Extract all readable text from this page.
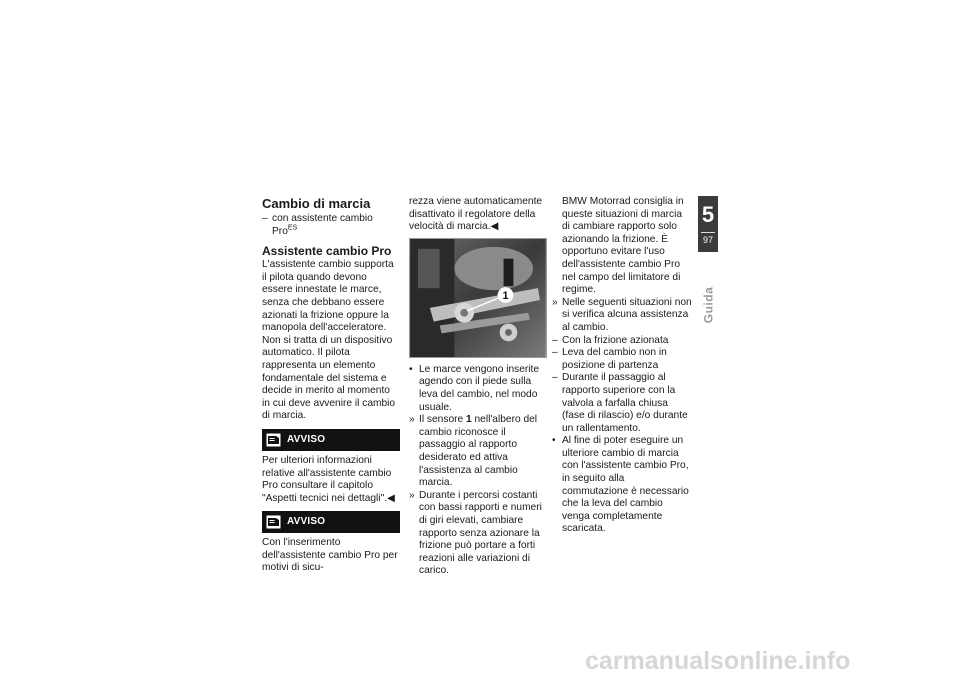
Cambio di marcia
– con assistente cambio Pro$^{ES}$
Assistente cambio Pro

L'assistente cambio supporta il pilota quando devono essere innestate le marce, senza che debbano essere azionati la frizione oppure la manopola dell'acceleratore. Non si tratta di un dispositivo automatico. Il pilota rappresenta un elemento fondamentale del sistema e decide in merito al momento in cui deve avvenire il cambio di marcia.

AVVISO

Per ulteriori informazioni relative all'assistente cambio Pro consultare il capitolo "Aspetti tecnici nei dettagli".◀

AVVISO

Con l'inserimento dell'assistente cambio Pro per motivi di sicu-

rezza viene automaticamente disattivato il regolatore della velocità di marcia.◀

1
• Le marce vengono inserite agendo con il piede sulla leva del cambio, nel modo usuale.
» Il sensore 1 nell'albero del cambio riconosce il passaggio al rapporto desiderato ed attiva l'assistenza al cambio marcia.
» Durante i percorsi costanti con bassi rapporti e numeri di giri elevati, cambiare rapporto senza azionare la frizione può portare a forti reazioni alle variazioni di carico.

BMW Motorrad consiglia in queste situazioni di marcia di cambiare rapporto solo azionando la frizione. È opportuno evitare l'uso dell'assistente cambio Pro nel campo del limitatore di regime.

» Nelle seguenti situazioni non si verifica alcuna assistenza al cambio.
– Con la frizione azionata
– Leva del cambio non in posizione di partenza
– Durante il passaggio al rapporto superiore con la valvola a farfalla chiusa (fase di rilascio) e/o durante un rallentamento.
• Al fine di poter eseguire un ulteriore cambio di marcia con l'assistente cambio Pro, in seguito alla commutazione è necessario che la leva del cambio venga completamente scaricata.
5
97
Guida
carmanualsonline.info
